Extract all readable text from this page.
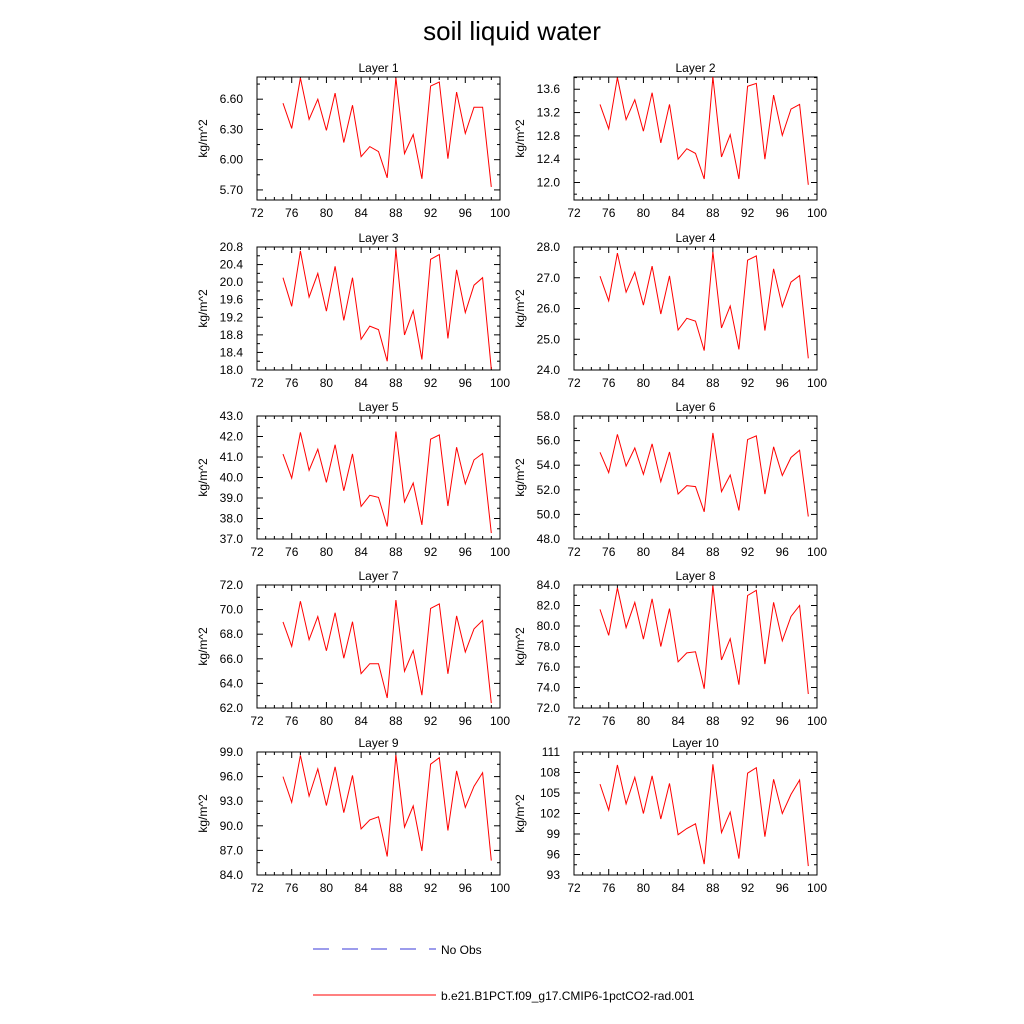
soil liquid water
Layer 1
72 76 80 84 88 92 96 100
5.70
6.00
6.30
6.60
kg/m^2
Layer 2
72 76 80 84 88 92 96 100
12.0
12.4
12.8
13.2
13.6
kg/m^2
Layer 3
72 76 80 84 88 92 96 100
18.0
18.4
18.8
19.2
19.6
20.0
20.4
20.8
kg/m^2
Layer 4
72 76 80 84 88 92 96 100
24.0
25.0
26.0
27.0
28.0
kg/m^2
Layer 5
72 76 80 84 88 92 96 100
37.0
38.0
39.0
40.0
41.0
42.0
43.0
kg/m^2
Layer 6
72 76 80 84 88 92 96 100
48.0
50.0
52.0
54.0
56.0
58.0
kg/m^2
Layer 7
72 76 80 84 88 92 96 100
62.0
64.0
66.0
68.0
70.0
72.0
kg/m^2
Layer 8
72 76 80 84 88 92 96 100
72.0
74.0
76.0
78.0
80.0
82.0
84.0
kg/m^2
Layer 9
72 76 80 84 88 92 96 100
84.0
87.0
90.0
93.0
96.0
99.0
kg/m^2
Layer 10
72 76 80 84 88 92 96 100
93
96
99
102
105
108
111
kg/m^2
No Obs
b.e21.B1PCT.f09_g17.CMIP6-1pctCO2-rad.001
